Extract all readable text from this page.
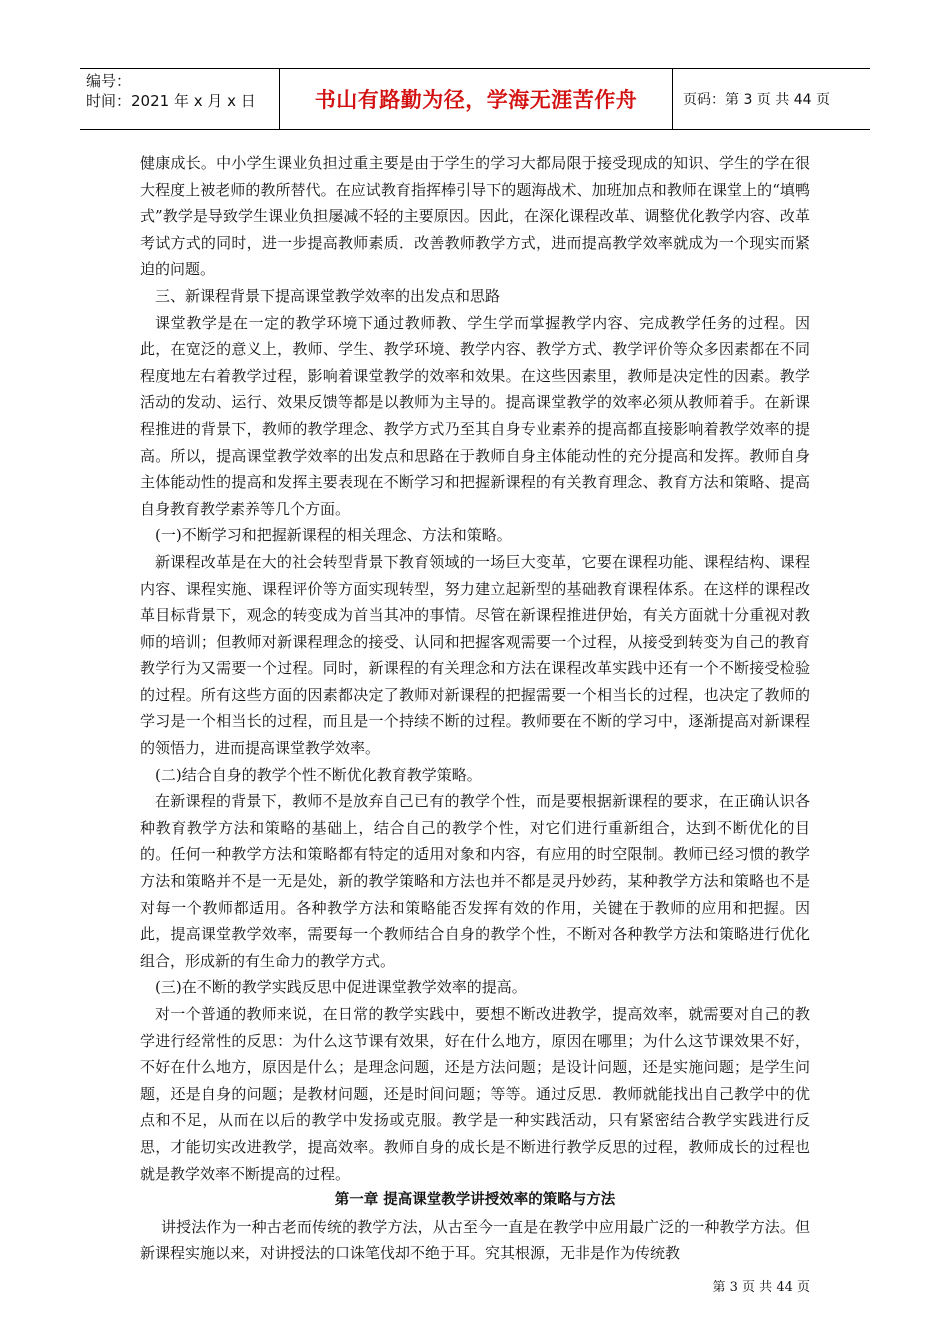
编号：
时间：2021 年 x 月 x 日	书山有路勤为径，学海无涯苦作舟	页码：第 3 页 共 44 页

健康成长。中小学生课业负担过重主要是由于学生的学习大都局限于接受现成的知识、学生的学在很大程度上被老师的教所替代。在应试教育指挥棒引导下的题海战术、加班加点和教师在课堂上的“填鸭式”教学是导致学生课业负担屡减不轻的主要原因。因此，在深化课程改革、调整优化教学内容、改革考试方式的同时，进一步提高教师素质．改善教师教学方式，进而提高教学效率就成为一个现实而紧迫的问题。

三、新课程背景下提高课堂教学效率的出发点和思路

课堂教学是在一定的教学环境下通过教师教、学生学而掌握教学内容、完成教学任务的过程。因此，在宽泛的意义上，教师、学生、教学环境、教学内容、教学方式、教学评价等众多因素都在不同程度地左右着教学过程，影响着课堂教学的效率和效果。在这些因素里，教师是决定性的因素。教学活动的发动、运行、效果反馈等都是以教师为主导的。提高课堂教学的效率必须从教师着手。在新课程推进的背景下，教师的教学理念、教学方式乃至其自身专业素养的提高都直接影响着教学效率的提高。所以，提高课堂教学效率的出发点和思路在于教师自身主体能动性的充分提高和发挥。教师自身主体能动性的提高和发挥主要表现在不断学习和把握新课程的有关教育理念、教育方法和策略、提高自身教育教学素养等几个方面。

(一)不断学习和把握新课程的相关理念、方法和策略。

新课程改革是在大的社会转型背景下教育领域的一场巨大变革，它要在课程功能、课程结构、课程内容、课程实施、课程评价等方面实现转型，努力建立起新型的基础教育课程体系。在这样的课程改革目标背景下，观念的转变成为首当其冲的事情。尽管在新课程推进伊始，有关方面就十分重视对教师的培训；但教师对新课程理念的接受、认同和把握客观需要一个过程，从接受到转变为自己的教育教学行为又需要一个过程。同时，新课程的有关理念和方法在课程改革实践中还有一个不断接受检验的过程。所有这些方面的因素都决定了教师对新课程的把握需要一个相当长的过程，也决定了教师的学习是一个相当长的过程，而且是一个持续不断的过程。教师要在不断的学习中，逐渐提高对新课程的领悟力，进而提高课堂教学效率。

(二)结合自身的教学个性不断优化教育教学策略。

在新课程的背景下，教师不是放弃自己已有的教学个性，而是要根据新课程的要求，在正确认识各种教育教学方法和策略的基础上，结合自己的教学个性，对它们进行重新组合，达到不断优化的目的。任何一种教学方法和策略都有特定的适用对象和内容，有应用的时空限制。教师已经习惯的教学方法和策略并不是一无是处，新的教学策略和方法也并不都是灵丹妙药，某种教学方法和策略也不是对每一个教师都适用。各种教学方法和策略能否发挥有效的作用，关键在于教师的应用和把握。因此，提高课堂教学效率，需要每一个教师结合自身的教学个性，不断对各种教学方法和策略进行优化组合，形成新的有生命力的教学方式。

(三)在不断的教学实践反思中促进课堂教学效率的提高。

对一个普通的教师来说，在日常的教学实践中，要想不断改进教学，提高效率，就需要对自己的教学进行经常性的反思：为什么这节课有效果，好在什么地方，原因在哪里；为什么这节课效果不好，不好在什么地方，原因是什么；是理念问题，还是方法问题；是设计问题，还是实施问题；是学生问题，还是自身的问题；是教材问题，还是时间问题；等等。通过反思．教师就能找出自己教学中的优点和不足，从而在以后的教学中发扬或克服。教学是一种实践活动，只有紧密结合教学实践进行反思，才能切实改进教学，提高效率。教师自身的成长是不断进行教学反思的过程，教师成长的过程也就是教学效率不断提高的过程。

第一章 提高课堂教学讲授效率的策略与方法

讲授法作为一种古老而传统的教学方法，从古至今一直是在教学中应用最广泛的一种教学方法。但新课程实施以来，对讲授法的口诛笔伐却不绝于耳。究其根源，无非是作为传统教

第 3 页 共 44 页
